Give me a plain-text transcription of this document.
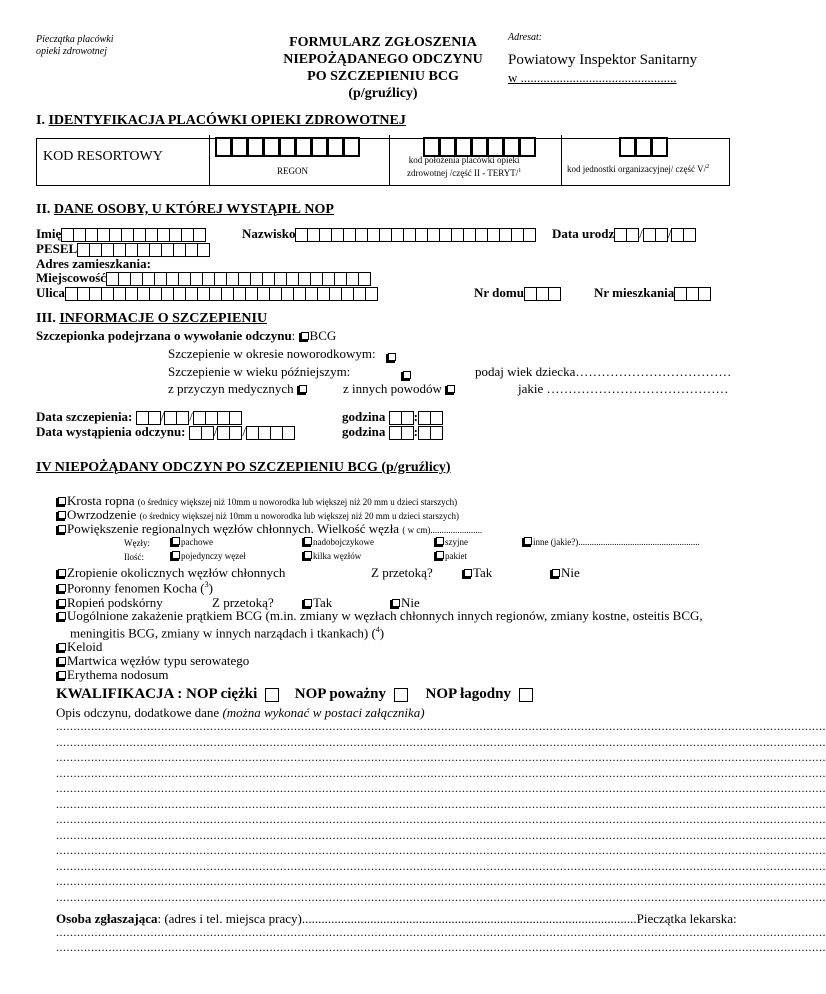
Pieczątka placówki
opieki zdrowotnej
FORMULARZ ZGŁOSZENIA
NIEPOŻĄDANEGO ODCZYNU
PO SZCZEPIENIU BCG
(p/gruźlicy)
Adresat:
Powiatowy Inspektor Sanitarny
w ................................................
I. IDENTYFIKACJA PLACÓWKI OPIEKI ZDROWOTNEJ
KOD RESORTOWY
REGON
kod położenia placówki opieki
zdrowotnej /część II - TERYT/$^1$	kod jednostki organizacyjnej/ część V/$^2$
II. DANE OSOBY, U KTÓREJ WYSTĄPIŁ NOP
Imię	Nazwisko	Data urodz / /
PESEL
Adres zamieszkania:
Miejscowość
Ulica	Nr domu	Nr mieszkania
III. INFORMACJE O SZCZEPIENIU
Szczepionka podejrzana o wywołanie odczynu: BCG
Szczepienie w okresie noworodkowym:

Szczepienie w wieku późniejszym:	podaj wiek dziecka………………………………
z przyczyn medycznych	z innych powodów	jakie ……………………………………
Data szczepienia: / /
Data wystąpienia odczynu: / /
godzina :
godzina :
IV NIEPOŻĄDANY ODCZYN PO SZCZEPIENIU BCG (p/gruźlicy)
Krosta ropna (o średnicy większej niż 10mm u noworodka lub większej niż 20 mm u dzieci starszych)
Owrzodzenie (o średnicy większej niż 10mm u noworodka lub większej niż 20 mm u dzieci starszych)
Powiększenie regionalnych węzłów chłonnych. Wielkość węzła ( w cm).......................
Węzły:	pachowe	nadobojczykowe	szyjne	inne (jakie?)......................................................
Ilość:	pojedynczy węzeł	kilka węzłów	pakiet
Zropienie okolicznych węzłów chłonnych	Z przetoką?	Tak	Nie
Poronny fenomen Kocha ($^3$)
Ropień podskórny	Z przetoką?	Tak	Nie
Uogólnione zakażenie prątkiem BCG (m.in. zmiany w węzłach chłonnych innych regionów, zmiany kostne, osteitis BCG,
meningitis BCG, zmiany w innych narządach i tkankach) ($^4$)
Keloid
Martwica węzłów typu serowatego
Erythema nodosum
KWALIFIKACJA : NOP ciężki	NOP poważny	NOP łagodny
Opis odczynu, dodatkowe dane (można wykonać w postaci załącznika)
............................................................................................................................................................................................................................
............................................................................................................................................................................................................................
............................................................................................................................................................................................................................
............................................................................................................................................................................................................................
............................................................................................................................................................................................................................
............................................................................................................................................................................................................................
............................................................................................................................................................................................................................
............................................................................................................................................................................................................................
............................................................................................................................................................................................................................
............................................................................................................................................................................................................................
............................................................................................................................................................................................................................
............................................................................................................................................................................................................................
Osoba zgłaszająca: (adres i tel. miejsca pracy).......................................................................................................Pieczątka lekarska:
............................................................................................................................................................................................................................
............................................................................................................................................................................................................................
